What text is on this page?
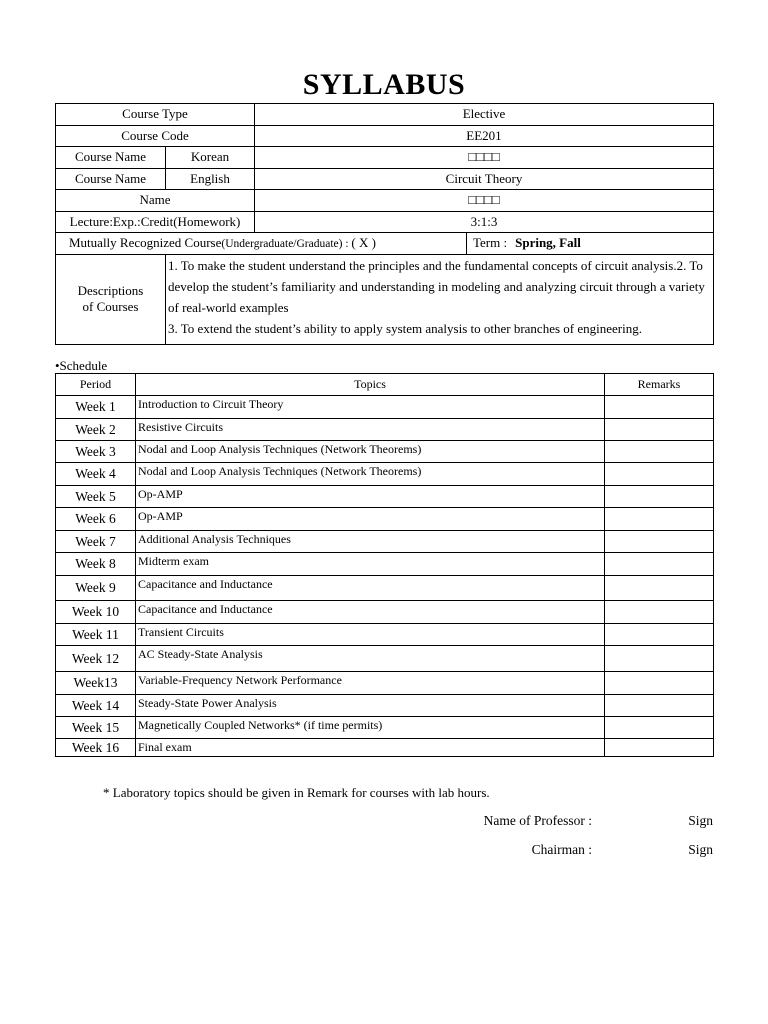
SYLLABUS
Course Type		Elective	
Course Code		EE201	
Course Name	Korean	□□□□	
Course Name	English	Circuit Theory	
Name		□□□□	
Lecture:Exp.:Credit(Homework)		3:1:3	
Mutually Recognized Course(Undergraduate/Graduate) : ( X )			Term : Spring, Fall

Descriptions
of Courses	1. To make the student understand the principles and the fundamental concepts of circuit analysis.2. To develop the student’s familiarity and understanding in modeling and analyzing circuit through a variety of real-world examples
3. To extend the student’s ability to apply system analysis to other branches of engineering.		
•Schedule
Period	Topics	Remarks
Week 1	Introduction to Circuit Theory	
Week 2	Resistive Circuits	
Week 3	Nodal and Loop Analysis Techniques (Network Theorems)	
Week 4	Nodal and Loop Analysis Techniques (Network Theorems)	
Week 5	Op-AMP	
Week 6	Op-AMP	
Week 7	Additional Analysis Techniques	
Week 8	Midterm exam	
Week 9	Capacitance and Inductance	
Week 10	Capacitance and Inductance	
Week 11	Transient Circuits	
Week 12	AC Steady-State Analysis	
Week13	Variable-Frequency Network Performance	
Week 14	Steady-State Power Analysis	
Week 15	Magnetically Coupled Networks* (if time permits)	
Week 16	Final exam	
* Laboratory topics should be given in Remark for courses with lab hours.
Name of Professor :	Sign
Chairman :	Sign
